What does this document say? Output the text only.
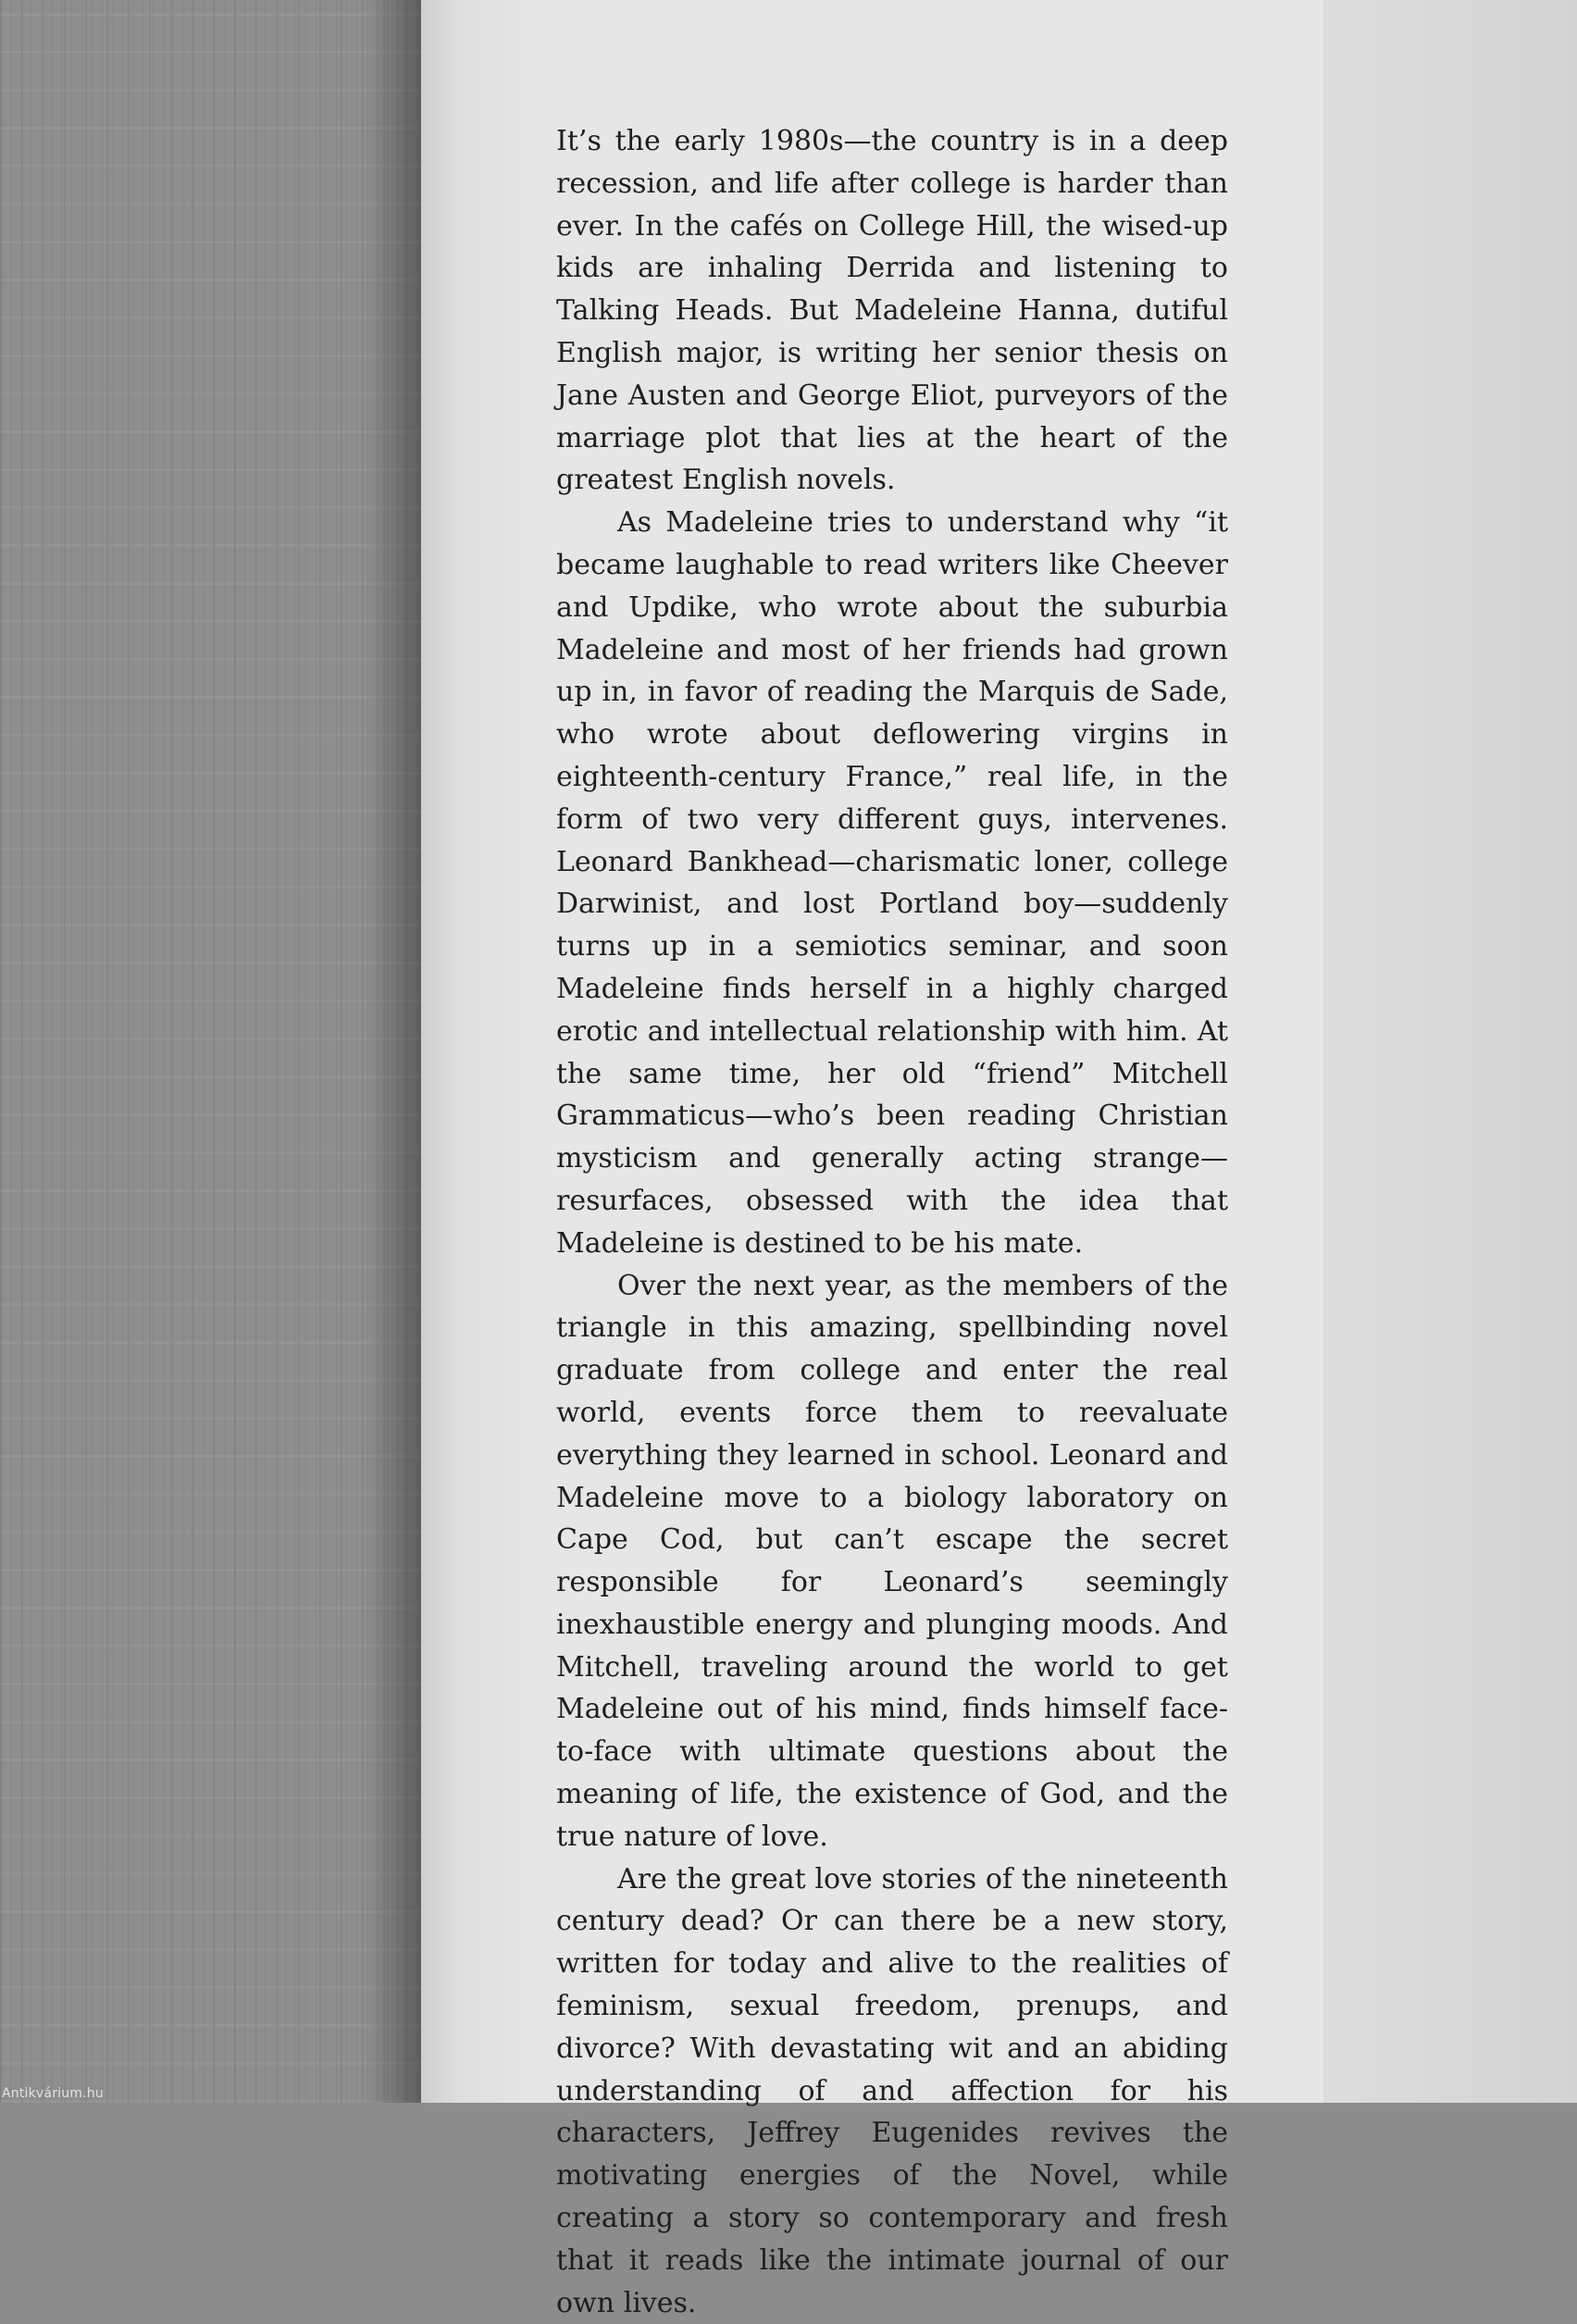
It’s the early 1980s—the country is in a deep recession, and life after college is harder than ever. In the cafés on College Hill, the wised-up kids are inhaling Derrida and listening to Talking Heads. But Madeleine Hanna, dutiful English major, is writing her senior thesis on Jane Austen and George Eliot, purveyors of the marriage plot that lies at the heart of the greatest English novels.

As Madeleine tries to understand why “it became laughable to read writers like Cheever and Updike, who wrote about the suburbia Madeleine and most of her friends had grown up in, in favor of reading the Marquis de Sade, who wrote about deflowering virgins in eighteenth-century France,” real life, in the form of two very different guys, intervenes. Leonard Bankhead—charismatic loner, college Darwinist, and lost Portland boy—suddenly turns up in a semiotics seminar, and soon Madeleine finds herself in a highly charged erotic and intellectual relationship with him. At the same time, her old “friend” Mitchell Grammaticus—who’s been reading Christian mysticism and generally acting strange—resurfaces, obsessed with the idea that Madeleine is destined to be his mate.

Over the next year, as the members of the triangle in this amazing, spellbinding novel graduate from college and enter the real world, events force them to reevaluate everything they learned in school. Leonard and Madeleine move to a biology laboratory on Cape Cod, but can’t escape the secret responsible for Leonard’s seemingly inexhaustible energy and plunging moods. And Mitchell, traveling around the world to get Madeleine out of his mind, finds himself face-to-face with ultimate questions about the meaning of life, the existence of God, and the true nature of love.

Are the great love stories of the nineteenth century dead? Or can there be a new story, written for today and alive to the realities of feminism, sexual freedom, prenups, and divorce? With devastating wit and an abiding understanding of and affection for his characters, Jeffrey Eugenides revives the motivating energies of the Novel, while creating a story so contemporary and fresh that it reads like the intimate journal of our own lives.

Antikvárium.hu
